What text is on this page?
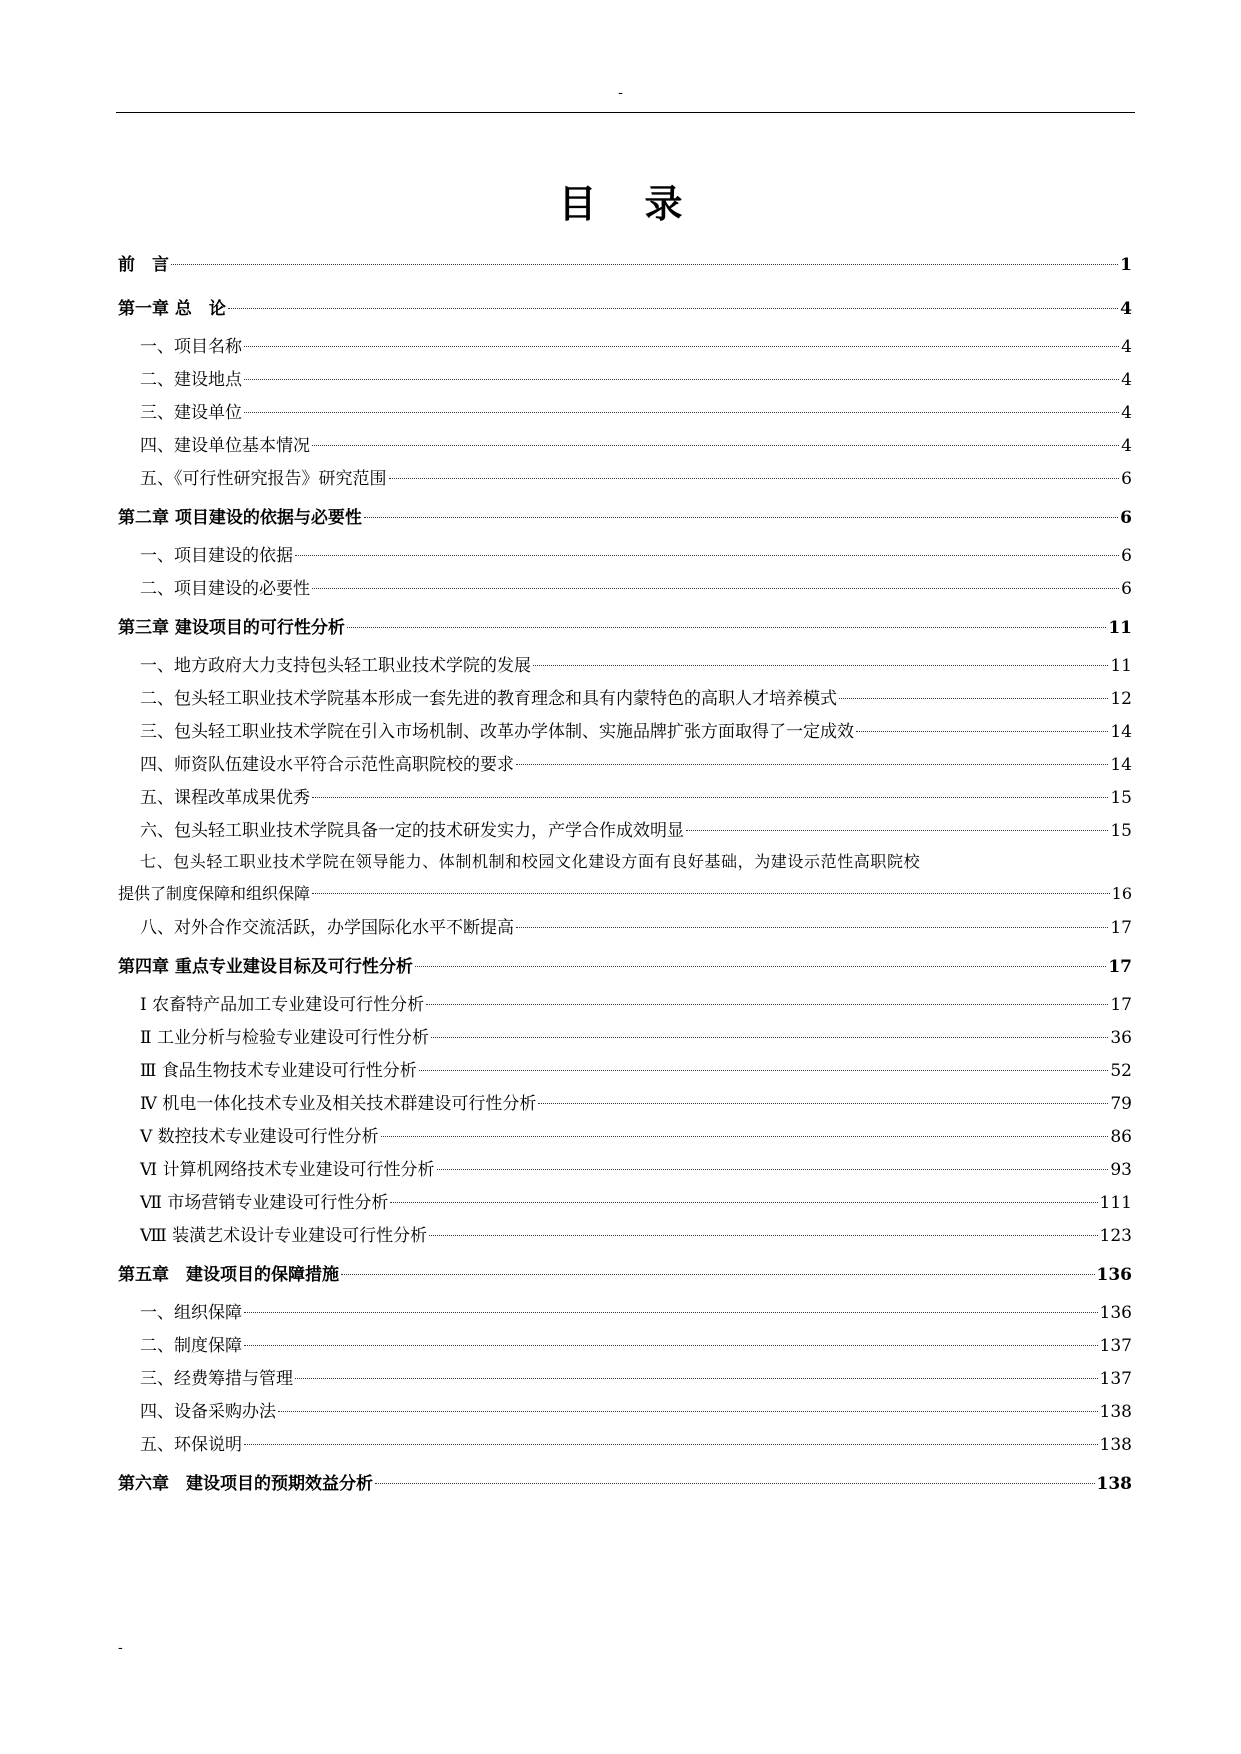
-
目录
前　言	1
第一章 总　论	4
一、项目名称	4
二、建设地点	4
三、建设单位	4
四、建设单位基本情况	4
五、《可行性研究报告》研究范围	6
第二章 项目建设的依据与必要性	6
一、项目建设的依据	6
二、项目建设的必要性	6
第三章 建设项目的可行性分析	11
一、地方政府大力支持包头轻工职业技术学院的发展	11
二、包头轻工职业技术学院基本形成一套先进的教育理念和具有内蒙特色的高职人才培养模式	12
三、包头轻工职业技术学院在引入市场机制、改革办学体制、实施品牌扩张方面取得了一定成效	14
四、师资队伍建设水平符合示范性高职院校的要求	14
五、课程改革成果优秀	15
六、包头轻工职业技术学院具备一定的技术研发实力，产学合作成效明显	15
七、包头轻工职业技术学院在领导能力、体制机制和校园文化建设方面有良好基础，为建设示范性高职院校
提供了制度保障和组织保障	16
八、对外合作交流活跃，办学国际化水平不断提高	17
第四章 重点专业建设目标及可行性分析	17
Ⅰ 农畜特产品加工专业建设可行性分析	17
Ⅱ 工业分析与检验专业建设可行性分析	36
Ⅲ 食品生物技术专业建设可行性分析	52
Ⅳ 机电一体化技术专业及相关技术群建设可行性分析	79
Ⅴ 数控技术专业建设可行性分析	86
Ⅵ 计算机网络技术专业建设可行性分析	93
Ⅶ 市场营销专业建设可行性分析	111
Ⅷ 装潢艺术设计专业建设可行性分析	123
第五章　建设项目的保障措施	136
一、组织保障	136
二、制度保障	137
三、经费筹措与管理	137
四、设备采购办法	138
五、环保说明	138
第六章　建设项目的预期效益分析	138
-
